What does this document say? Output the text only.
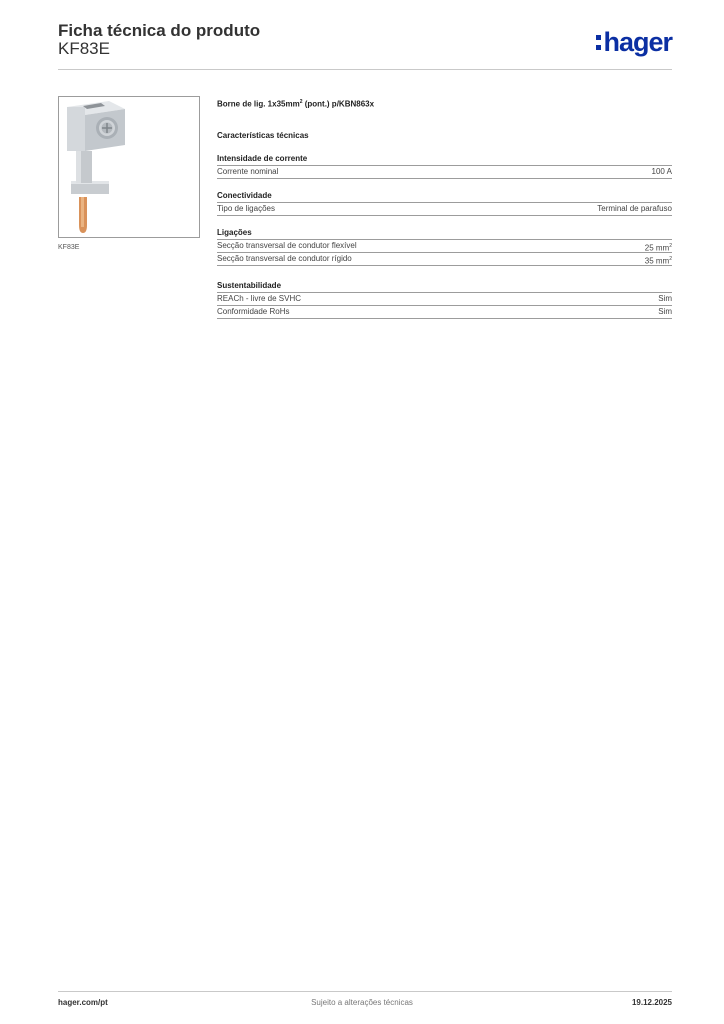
Ficha técnica do produto
KF83E	hager
KF83E
Borne de lig. $1x35mm^2$ (pont.) p/KBN863x
Características técnicas
Intensidade de corrente
Corrente nominal	100 A
Conectividade
Tipo de ligações	Terminal de parafuso
Ligações
Secção transversal de condutor flexível	25 $mm^2$
Secção transversal de condutor rígido	35 $mm^2$
Sustentabilidade
REACh - livre de SVHC	Sim
Conformidade RoHs	Sim
hager.com/pt	Sujeito a alterações técnicas	19.12.2025
